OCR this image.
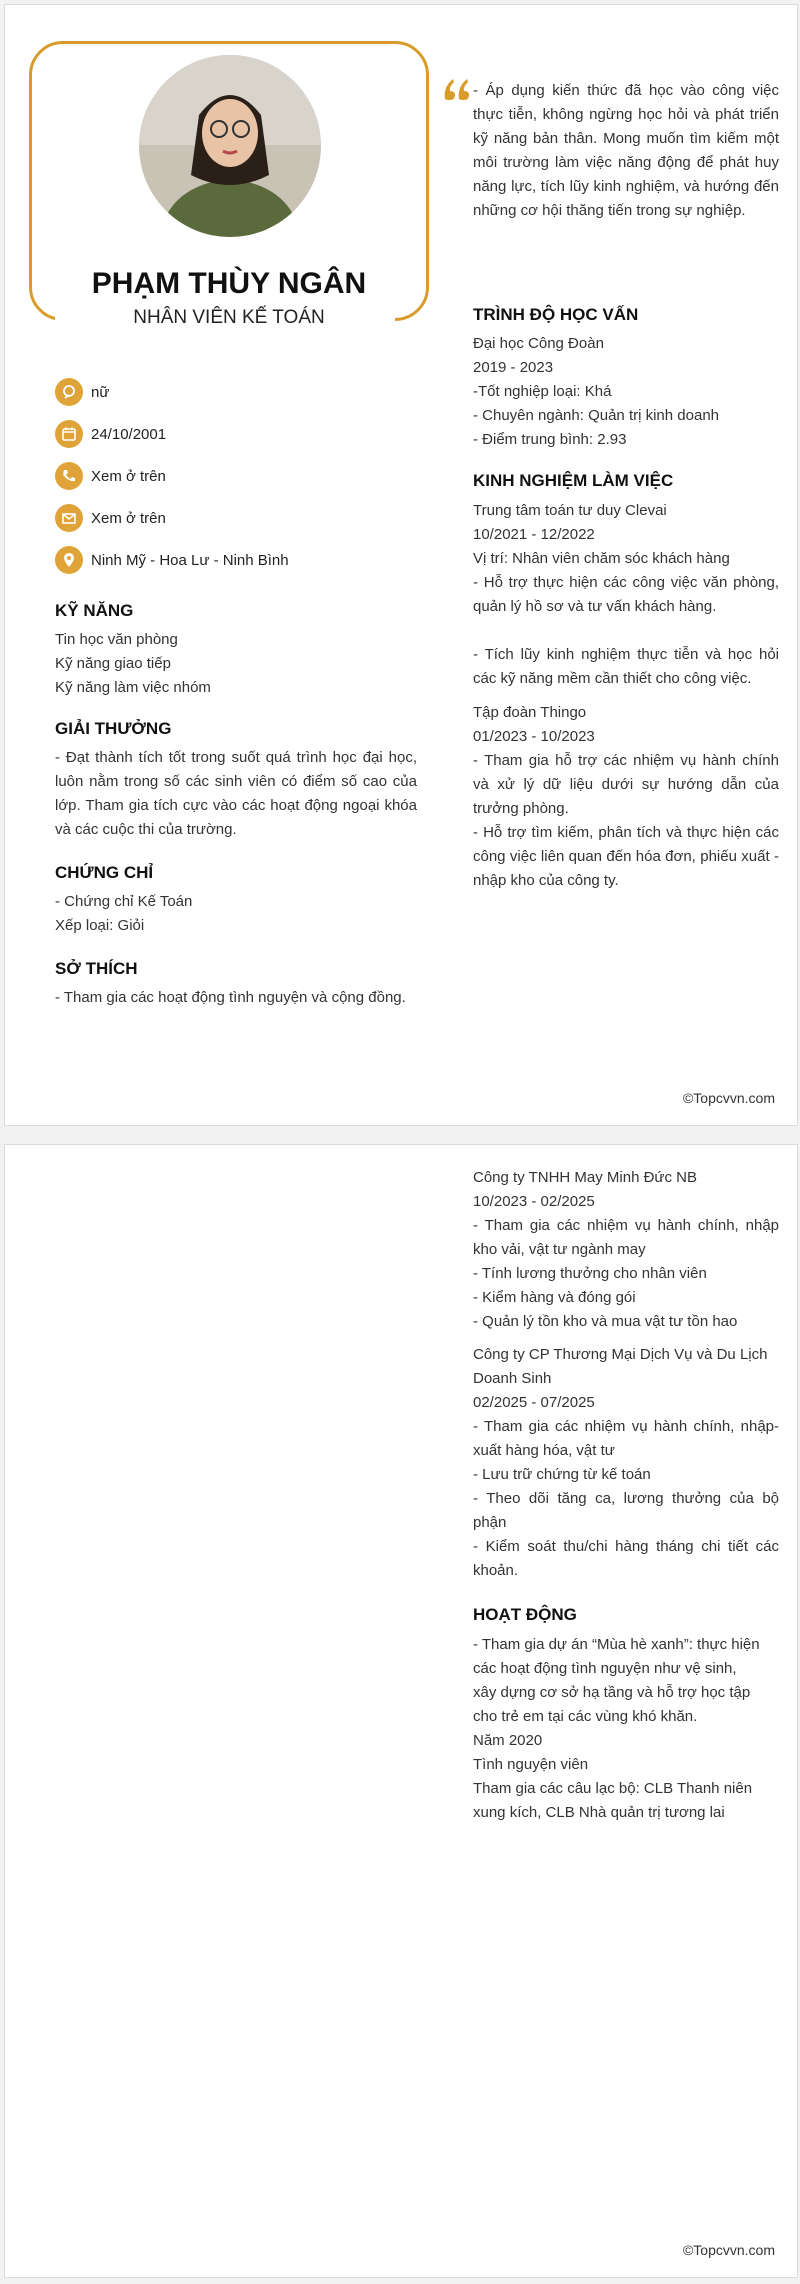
PHẠM THÙY NGÂN
NHÂN VIÊN KẾ TOÁN
nữ
24/10/2001
Xem ở trên
Xem ở trên
Ninh Mỹ - Hoa Lư - Ninh Bình
KỸ NĂNG
Tin học văn phòng
Kỹ năng giao tiếp
Kỹ năng làm việc nhóm
GIẢI THƯỞNG
- Đạt thành tích tốt trong suốt quá trình học đại học, luôn nằm trong số các sinh viên có điểm số cao của lớp. Tham gia tích cực vào các hoạt động ngoại khóa và các cuộc thi của trường.
CHỨNG CHỈ
- Chứng chỉ Kế Toán
Xếp loại: Giỏi
SỞ THÍCH
- Tham gia các hoạt động tình nguyện và cộng đồng.
- Áp dụng kiến thức đã học vào công việc thực tiễn, không ngừng học hỏi và phát triển kỹ năng bản thân. Mong muốn tìm kiếm một môi trường làm việc năng động để phát huy năng lực, tích lũy kinh nghiệm, và hướng đến những cơ hội thăng tiến trong sự nghiệp.
TRÌNH ĐỘ HỌC VẤN
Đại học Công Đoàn
2019 - 2023
-Tốt nghiệp loại: Khá
- Chuyên ngành: Quản trị kinh doanh
- Điểm trung bình: 2.93
KINH NGHIỆM LÀM VIỆC
Trung tâm toán tư duy Clevai
10/2021 - 12/2022
Vị trí: Nhân viên chăm sóc khách hàng
- Hỗ trợ thực hiện các công việc văn phòng, quản lý hồ sơ và tư vấn khách hàng.
- Tích lũy kinh nghiệm thực tiễn và học hỏi các kỹ năng mềm cần thiết cho công việc.
Tập đoàn Thingo
01/2023 - 10/2023
- Tham gia hỗ trợ các nhiệm vụ hành chính và xử lý dữ liệu dưới sự hướng dẫn của trưởng phòng.
- Hỗ trợ tìm kiếm, phân tích và thực hiện các công việc liên quan đến hóa đơn, phiếu xuất - nhập kho của công ty.
©Topcvvn.com
Công ty TNHH May Minh Đức NB
10/2023 - 02/2025
- Tham gia các nhiệm vụ hành chính, nhập kho vải, vật tư ngành may
- Tính lương thưởng cho nhân viên
- Kiểm hàng và đóng gói
- Quản lý tồn kho và mua vật tư tồn hao
Công ty CP Thương Mại Dịch Vụ và Du Lịch Doanh Sinh
02/2025 - 07/2025
- Tham gia các nhiệm vụ hành chính, nhập-xuất hàng hóa, vật tư
- Lưu trữ chứng từ kế toán
- Theo dõi tăng ca, lương thưởng của bộ phận
- Kiểm soát thu/chi hàng tháng chi tiết các khoản.
HOẠT ĐỘNG
- Tham gia dự án “Mùa hè xanh”: thực hiện
các hoạt động tình nguyện như vệ sinh,
xây dựng cơ sở hạ tầng và hỗ trợ học tập
cho trẻ em tại các vùng khó khăn.
Năm 2020
Tình nguyện viên
Tham gia các câu lạc bộ: CLB Thanh niên
xung kích, CLB Nhà quản trị tương lai
©Topcvvn.com
